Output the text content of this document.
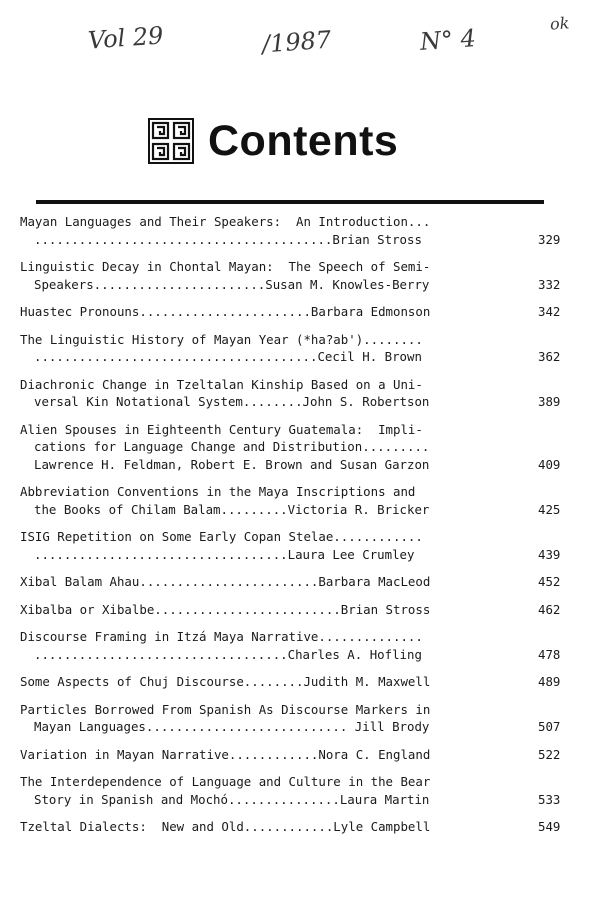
Vol 29	/1987	N° 4
ok
Contents
Mayan Languages and Their Speakers:  An Introduction...
........................................Brian Stross	329
Linguistic Decay in Chontal Mayan:  The Speech of Semi-
Speakers.......................Susan M. Knowles-Berry	332
Huastec Pronouns.......................Barbara Edmonson	342
The Linguistic History of Mayan Year (*ha?ab')........
......................................Cecil H. Brown	362
Diachronic Change in Tzeltalan Kinship Based on a Uni-
versal Kin Notational System........John S. Robertson	389
Alien Spouses in Eighteenth Century Guatemala:  Impli-
cations for Language Change and Distribution.........
Lawrence H. Feldman, Robert E. Brown and Susan Garzon	409
Abbreviation Conventions in the Maya Inscriptions and
the Books of Chilam Balam.........Victoria R. Bricker	425
ISIG Repetition on Some Early Copan Stelae............
..................................Laura Lee Crumley	439
Xibal Balam Ahau........................Barbara MacLeod	452
Xibalba or Xibalbe.........................Brian Stross	462
Discourse Framing in Itzá Maya Narrative..............
..................................Charles A. Hofling	478
Some Aspects of Chuj Discourse........Judith M. Maxwell	489
Particles Borrowed From Spanish As Discourse Markers in
Mayan Languages........................... Jill Brody	507
Variation in Mayan Narrative............Nora C. England	522
The Interdependence of Language and Culture in the Bear
Story in Spanish and Mochó...............Laura Martin	533
Tzeltal Dialects:  New and Old............Lyle Campbell	549
